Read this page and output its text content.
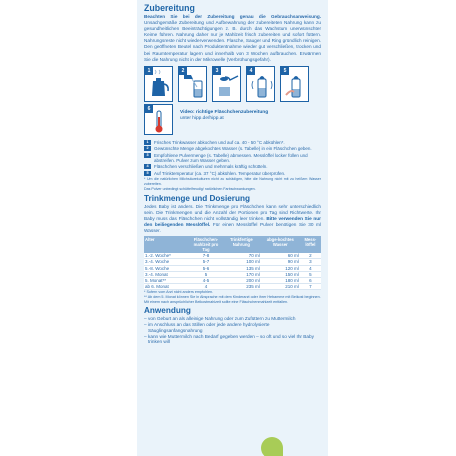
Zubereitung

Beachten Sie bei der Zubereitung genau die Gebrauchsanweisung. Unsachgemäße Zubereitung und Aufbewahrung der zubereiteten Nahrung kann zu gesundheitlichen Beeinträchtigungen z. B. durch das Wachstum unerwünschter Keime führen. Nahrung daher nur je Mahlzeit frisch zubereiten und sofort füttern. Nahrungsreste nicht wiederverwenden. Flasche, Sauger und Ring gründlich reinigen. Den geöffneten Beutel nach Produktentnahme wieder gut verschließen, trocken und bei Raumtemperatur lagern und innerhalb von 3 Wochen aufbrauchen. Erwärmen Sie die Nahrung nicht in der Mikrowelle (Verbrühungsgefahr).

1	2	3	4	5
6
Video: richtige Fläschchenzubereitung
unter hipp.de/hipp.at
1	Frisches Trinkwasser abkochen und auf ca. 40 - 50 °C abkühlen*.
2	Gewünschte Menge abgekochtes Wasser (s. Tabelle) in ein Fläschchen geben.
3	Empfohlene Pulvermenge (s. Tabelle) abmessen. Messlöffel locker füllen und abstreifen. Pulver zum Wasser geben.
4	Fläschchen verschließen und mehrmals kräftig schütteln.
5	Auf Trinktemperatur (ca. 37 °C) abkühlen. Temperatur überprüfen.

* Um die natürlichen Milchsäurekulturen nicht zu schädigen, hitte die Nahrung nicht mit zu heißem Wasser zubereiten.

Das Pulver unbedingt schüttelfreudig/ natürlichen Farbschwankungen.

Trinkmenge und Dosierung

Jedes Baby ist anders. Die Trinkmenge pro Fläschchen kann sehr unterschiedlich sein. Die Trinkmengen und die Anzahl der Portionen pro Tag sind Richtwerte. Ihr Baby muss das Fläschchen nicht vollständig leer trinken. Bitte verwenden Sie nur den beiliegenden Messlöffel. Für einen Messlöffel Pulver benötigen Sie 30 ml Wasser.

Alter	Fläschchen-mahlzeit pro Tag	Trinkfertige Nahrung	abge-kochtes Wasser	Mess-löffel
1.-2. Woche*	7-8	70 ml	60 ml	2
3.-4. Woche	5-7	100 ml	90 ml	3
5.-8. Woche	5-6	135 ml	120 ml	4
3.-4. Monat	5	170 ml	150 ml	5
5. Monat**	4-5	200 ml	180 ml	6
ab 6. Monat	4	235 ml	210 ml	7

* Sofern vom Arzt nicht anders empfohlen.

** Ab dem 5. Monat können Sie in Absprache mit dem Kinderarzt oder ihrer Hebamme mit Beikost beginnen.

Mit einem nach ansprüchlicher Beikostmahlzeit sollte eine Fläschchenmahlzeit entfallen.

Anwendung
– von Geburt an als alleinige Nahrung oder zum Zufüttern zu Muttermilch
– im Anschluss an das Stillen oder jede andere hydrolysierte Säuglingsanfangsnahrung
– kann wie Muttermilch nach Bedarf gegeben werden – so oft und so viel Ihr Baby trinken will
